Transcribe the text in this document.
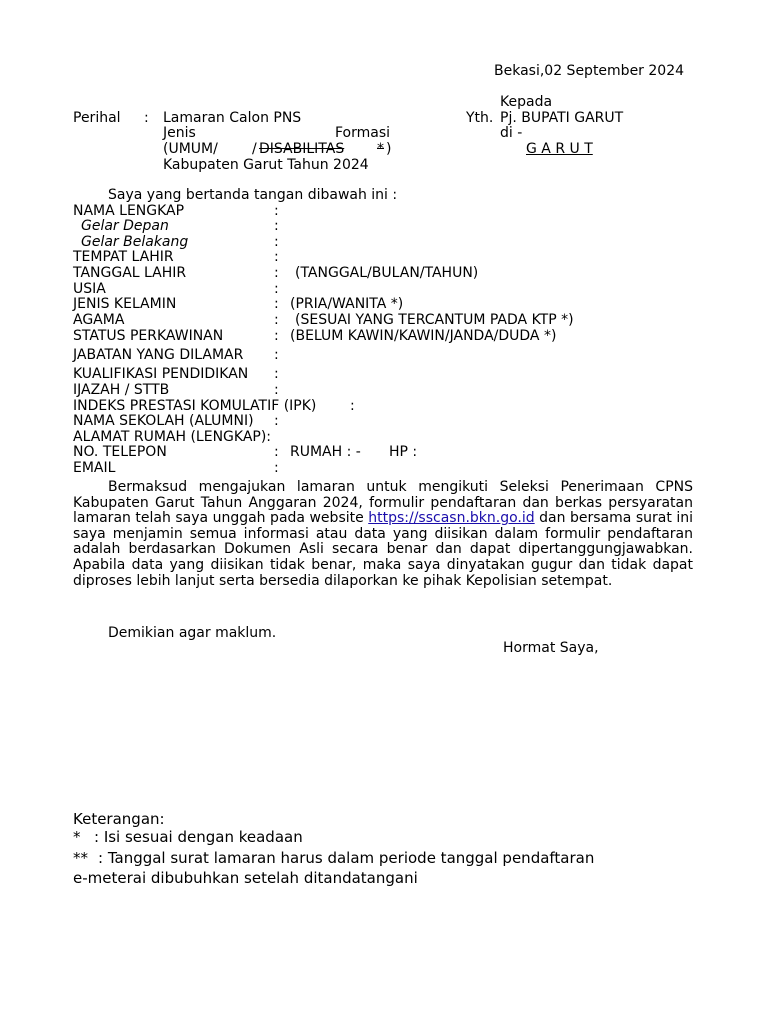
Bekasi,02 September 2024
Kepada
Yth. Pj. BUPATI GARUT
di -
G A R U T
Perihal : Lamaran Calon PNS
Jenis	Formasi
(UMUM/ / DISABILITAS	* )
Kabupaten Garut Tahun 2024
Saya yang bertanda tangan dibawah ini :
NAMA LENGKAP	:
Gelar Depan	:
Gelar Belakang	:
TEMPAT LAHIR	:
TANGGAL LAHIR	: (TANGGAL/BULAN/TAHUN)
USIA	:
JENIS KELAMIN	: (PRIA/WANITA *)
AGAMA	: (SESUAI YANG TERCANTUM PADA KTP *)
STATUS PERKAWINAN	: (BELUM KAWIN/KAWIN/JANDA/DUDA *)
JABATAN YANG DILAMAR :
KUALIFIKASI PENDIDIKAN :
IJAZAH / STTB	:
INDEKS PRESTASI KOMULATIF (IPK) :
NAMA SEKOLAH (ALUMNI) :
ALAMAT RUMAH (LENGKAP):
NO. TELEPON	: RUMAH : - HP :
EMAIL	:
Bermaksud mengajukan lamaran untuk mengikuti Seleksi Penerimaan CPNS Kabupaten Garut Tahun Anggaran 2024, formulir pendaftaran dan berkas persyaratan lamaran telah saya unggah pada website https://sscasn.bkn.go.id dan bersama surat ini saya menjamin semua informasi atau data yang diisikan dalam formulir pendaftaran adalah berdasarkan Dokumen Asli secara benar dan dapat dipertanggungjawabkan. Apabila data yang diisikan tidak benar, maka saya dinyatakan gugur dan tidak dapat diproses lebih lanjut serta bersedia dilaporkan ke pihak Kepolisian setempat.
Demikian agar maklum.
Hormat Saya,
Keterangan:
* : Isi sesuai dengan keadaan
** : Tanggal surat lamaran harus dalam periode tanggal pendaftaran
e-meterai dibubuhkan setelah ditandatangani
